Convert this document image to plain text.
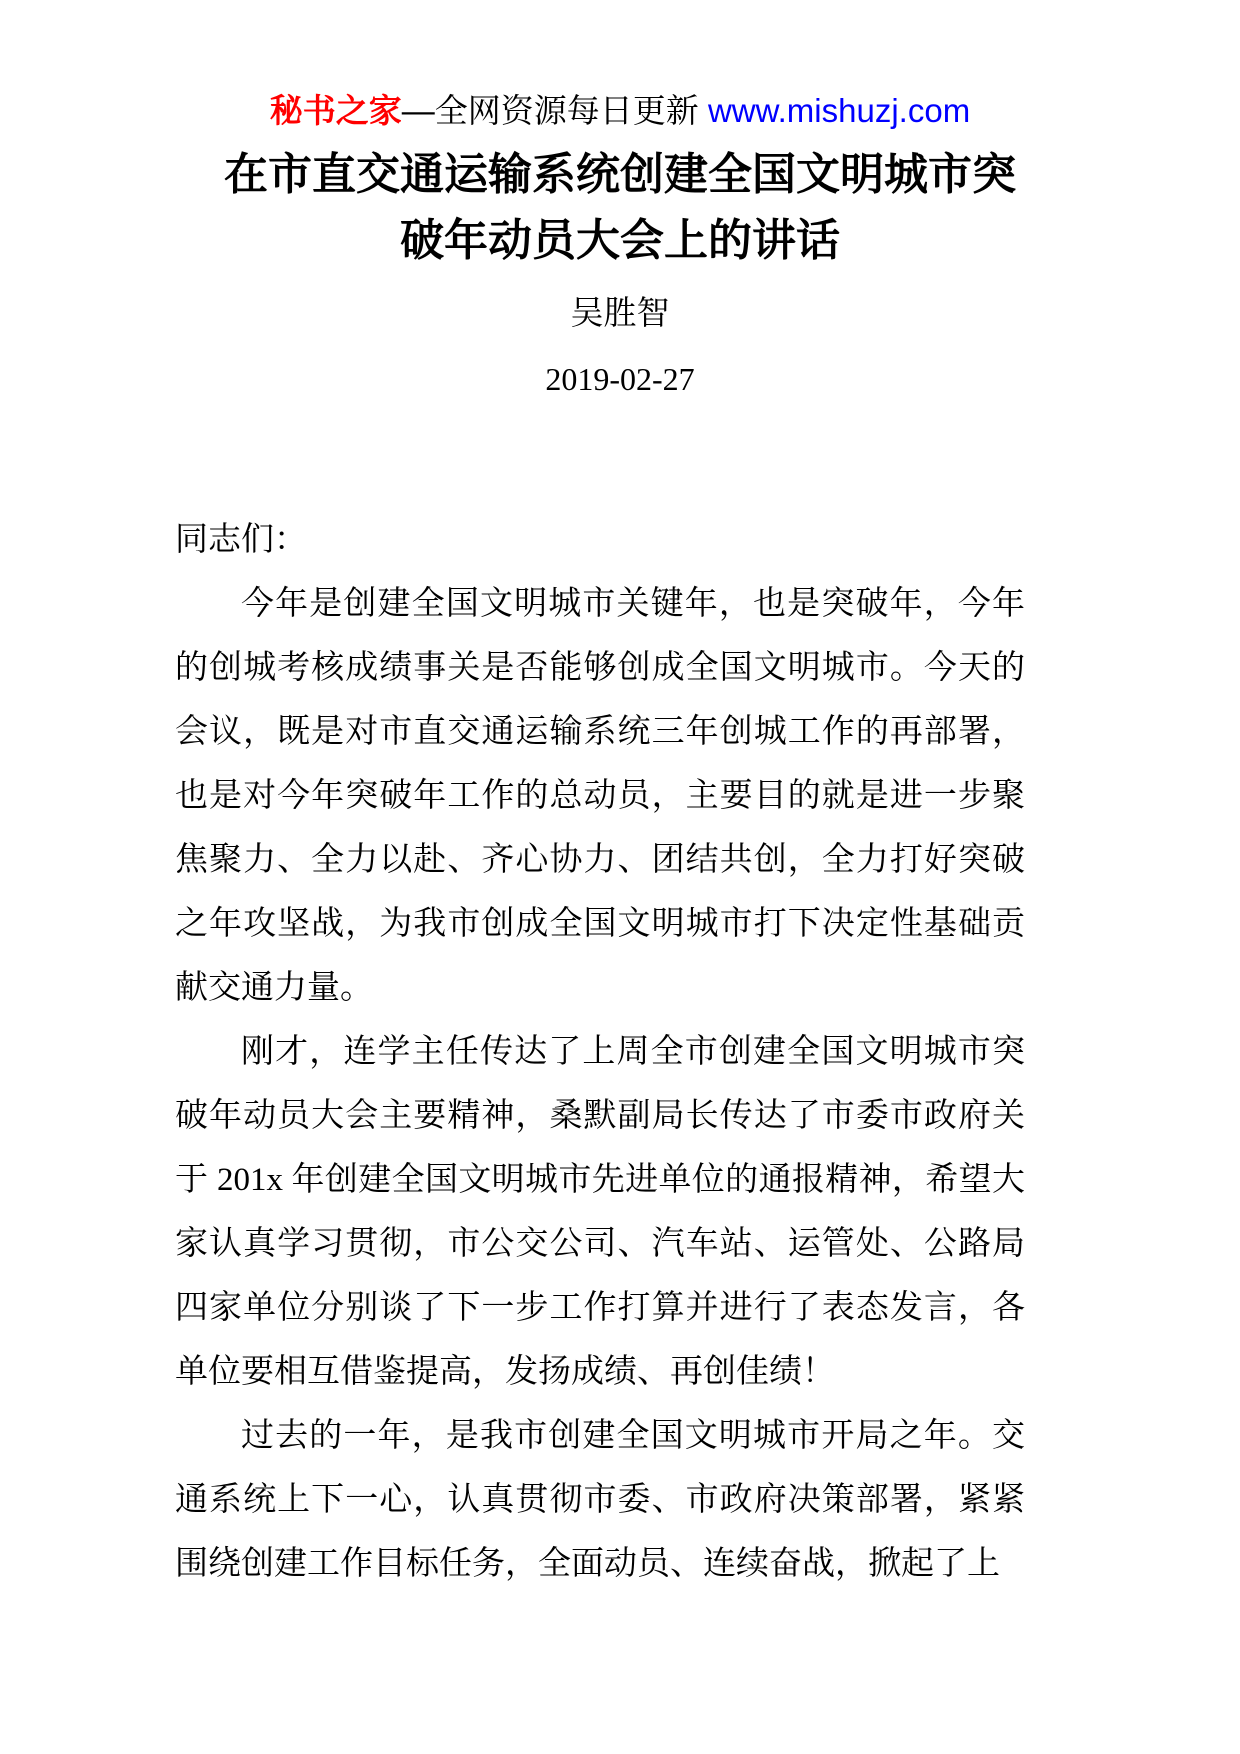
秘书之家—全网资源每日更新 www.mishuzj.com
在市直交通运输系统创建全国文明城市突
破年动员大会上的讲话
吴胜智
2019-02-27

同志们：

今年是创建全国文明城市关键年，也是突破年，今年的创城考核成绩事关是否能够创成全国文明城市。今天的会议，既是对市直交通运输系统三年创城工作的再部署，也是对今年突破年工作的总动员，主要目的就是进一步聚焦聚力、全力以赴、齐心协力、团结共创，全力打好突破之年攻坚战，为我市创成全国文明城市打下决定性基础贡献交通力量。

刚才，连学主任传达了上周全市创建全国文明城市突破年动员大会主要精神，桑默副局长传达了市委市政府关于 201x 年创建全国文明城市先进单位的通报精神，希望大家认真学习贯彻，市公交公司、汽车站、运管处、公路局四家单位分别谈了下一步工作打算并进行了表态发言，各单位要相互借鉴提高，发扬成绩、再创佳绩！

过去的一年，是我市创建全国文明城市开局之年。交通系统上下一心，认真贯彻市委、市政府决策部署，紧紧围绕创建工作目标任务，全面动员、连续奋战，掀起了上
